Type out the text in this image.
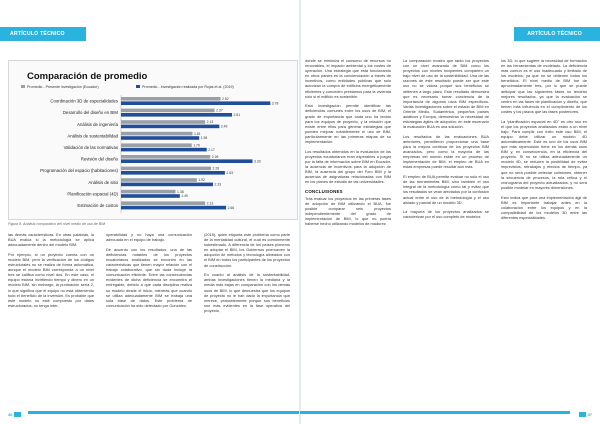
ARTÍCULO TÉCNICO
Comparación de promedio
Promedio - Presente investigación (Ecuador)	Promedio - Investigación realizada por Rojas et al. (2019)
Coordinación 3D de especialidades	2.52
3.78
Desarrollo del diseño en BIM	2.37
2.81
Análisis de ingeniería	2.13
2.49
Análisis de sustentabilidad	1.81
1.98
Validación de las normativas	1.79
2.17
Revisión del diseño	2.26
3.33
Programación del espacio (habitaciones)	2.28
2.63
Análisis de sitio	1.92
2.33
Planificación espacial (4D)	1.38
1.49
Estimación de costos	2.13
2.66
Figura 8. Análisis comparativo del nivel medio de uso de BIM

las demás características. En otras palabras, la BUA evalúa si la metodología se aplica adecuadamente dentro del modelo BIM.

Por ejemplo, si un proyecto cuenta con un modelo BIM, pero la verificación de los códigos estructurales no se realiza de forma automática, aunque el modelo BIM corresponda a un nivel tres se califica como nivel dos. En este caso, el equipo estaría invirtiendo tiempo y dinero en un modelo BIM, sin embargo, la puntuación sería 2, lo que significa que el equipo no está obteniendo todo el beneficio de la inversión. Es probable que este modelo no esté compuesto por datos estructurados, no tenga inter-

operabilidad y no haya una comunicación adecuada en el equipo de trabajo.

De acuerdo con los resultados, una de las deficiencias notables de los proyectos ecuatorianos analizados se encontró en las características que tienen mayor relación con el trabajo colaborativo, que sin duda incluye la comunicación eficiente. Entre las consecuencias evidentes de dicha deficiencia se encuentra el entregable, debido a que cada disciplina realiza su modelo desde el inicio, mientras que cuando se utiliza adecuadamente BIM se trabaja una sola base de datos. Este problema de comunicación ha sido detectado por González,

(2015), quien etiqueta este problema como parte de la mentalidad cultural, el cual es comúnmente subestimado. A diferencia de los países pioneros en adoptar el BIM, los Gobiernos promueven la adopción de métodos y tecnología alineados con el BIM en todos los participantes de los proyectos de construcción.

En cuanto al análisis de la sustentabilidad, ambas investigaciones tienen la mediana y la media más bajas en comparación con los demás usos de BIM, lo que demuestra que los equipos de proyecto no le han dado la importancia que merece, probablemente porque sus beneficios son más evidentes en la fase operativa del proyecto,

46
ARTÍCULO TÉCNICO

donde se minimiza el consumo de recursos no renovables, el impacto ambiental y los costes de operación. Una estrategia que está funcionando en otros países es la concienciación a través de incentivos, como entidades públicas que solo autorizan la compra de edificios energéticamente eficientes y conceden préstamos para la vivienda solo si el edificio es sostenible.

Esta investigación permite identificar las deficiencias comunes entre los usos de BIM, el grado de importancia que cada uno ha tenido para los equipos de proyecto, y la relación que existe entre ellos para generar estrategias que pueden mejorar notablemente el uso de BIM, particularmente en las primeras etapas de su implementación.

Los resultados obtenidos en la evaluación de los proyectos ecuatorianos eran esperables a juzgar por la falta de información sobre BIM en Ecuador, la ausencia de incentivos para la adopción de BIM, la ausencia del grupo del Foro BIM y la ausencia de asignaturas relacionadas con BIM en los planes de estudio de las universidades.

CONCLUSIONES

Tras evaluar los proyectos en las primeras fases de adopción de BIM utilizando el BUA, fue posible comparar seis proyectos independientemente del grado de implementación de BIM, lo que no podría haberse hecho utilizando modelos de madurez.

La comparación mostró que tanto los proyectos con un nivel avanzado de BIM como los proyectos con niveles incipientes comparten un bajo nivel de uso de la sostenibilidad. Una de las razones de este resultado puede ser que este uso no se valora porque sus beneficios se obtienen a largo plazo. Este resultado demuestra que es necesario tomar conciencia de la importancia de algunos usos BIM específicos. Varias investigaciones sobre el estado de BIM en Oriente Medio, Sudamérica, pequeños países asiáticos y Europa, demuestran la necesidad de estrategias ágiles de adopción; en este escenario la evaluación BUA es una solución.

Los resultados de las evaluaciones BUA anteriores, permitieron proporcionar una base para la mejora continua de los proyectos BIM avanzados, pero como la mayoría de las empresas del mundo están en un proceso de implementación de BIM, el empleo de BUA en estas empresas puede resultar aún más.

El empleo de BUA permite evaluar no solo el uso de las herramientas BIM, sino también el uso integral de la metodología como tal y evitar que los resultados se vean afectados por la confusión actual entre el uso de la metodología y el uso aislado y parcial de un modelo 3D.

La mayoría de los proyectos analizados se caracterizan por el uso completo de modelos

los 3D, lo que sugiere la necesidad de formación en las herramientas de modelado. La deficiencia más común es el uso inadecuado y limitado de los modelos, ya que no se obtienen todos los beneficios. El nivel medio de BIM fue de aproximadamente tres, por lo que se puede anticipar que las siguientes fases no tendrán mejores resultados, ya que la evaluación se centró en las fases de planificación y diseño, que tienen más influencia en el cumplimiento de los costes y los plazos que las fases posteriores.

La “planificación espacial en 4D” es otro uso en el que los proyectos analizados están a un nivel bajo. Para cumplir con éxito este uso BIM, el equipo debe utilizar un modelo 4D automáticamente. Este es uno de los usos BIM que más repercusión tiene en los demás usos BIM y, en consecuencia, en la eficiencia del proyecto. Si no se utiliza adecuadamente un modelo 4D, se reducen la posibilidad de evitar imprevistos, retrabajos y efectos de tiempo, ya que no será posible detectar colisiones, obtener la secuencia de procesos, la ruta crítica y el cronograma del proyecto actualizados, y no será posible modelar en mayores dimensiones.

Esto indica que para una implementación ágil de BIM es importante trabajar antes en la colaboración entre los equipos y en la compatibilidad de los modelos 3D entre las diferentes especialidades.

47
